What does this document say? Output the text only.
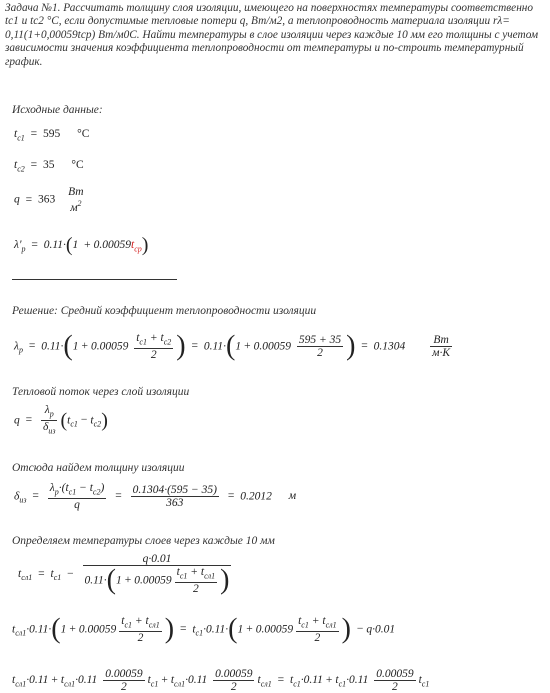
Задача №1. Рассчитать толщину слоя изоляции, имеющего на поверхностях температуры соответственно tс1 и tс2 °С, если допустимые тепловые потери q, Вт/м2, а теплопроводность материала изоляции rλ= 0,11(1+0,00059tср) Вт/м0С. Найти температуры в слое изоляции через каждые 10 мм его толщины с учетом зависимости значения коэффициента теплопроводности от температуры и по-строить температурный график.
Исходные данные:
$t_{c1} = 595$ °C
$t_{c2} = 35$ °C
q = 363
Вт
$м^2$
$\lambda'_p = 0.11\cdot(1 + 0.00059t_{cp})$
Решение: Средний коэффициент теплопроводности изоляции
$\lambda_p = 0.11\cdot(1 + 0.00059 \frac{t_{c1} + t_{c2}}{2}$ ) = $0.11\cdot(1 + 0.00059 \frac{595 + 35}{2}$ ) = $0.1304 \frac{Вт}{м\cdot К}$
Тепловой поток через слой изоляции
$q = \frac{\lambda_p}{\delta_{из}} (t_{c1} - t_{c2})$
Отсюда найдем толщину изоляции
$\delta_{из} = \frac{\lambda_p\cdot(t_{c1} - t_{c2})}{q} = \frac{0.1304\cdot(595 - 35)}{363} = 0.2012$ м
Определяем температуры слоев через каждые 10 мм
$t_{сл1} = t_{c1} - \frac{q\cdot 0.01}{0.11\cdot(1 + 0.00059 \frac{t_{c1} + t_{сл1}}{2} )}$
$t_{сл1}\cdot 0.11\cdot(1 + 0.00059 \frac{t_{c1} + t_{сл1}}{2}$ ) = $t_{c1}\cdot 0.11\cdot(1 + 0.00059 \frac{t_{c1} + t_{сл1}}{2}$ ) − q·0.01
$t_{сл1}\cdot 0.11 + t_{сл1}\cdot 0.11 \frac{0.00059}{2} t_{c1} + t_{сл1}\cdot 0.11 \frac{0.00059}{2} t_{сл1} = t_{c1}\cdot 0.11 + t_{c1}\cdot 0.11 \frac{0.00059}{2} t_{c1}$
